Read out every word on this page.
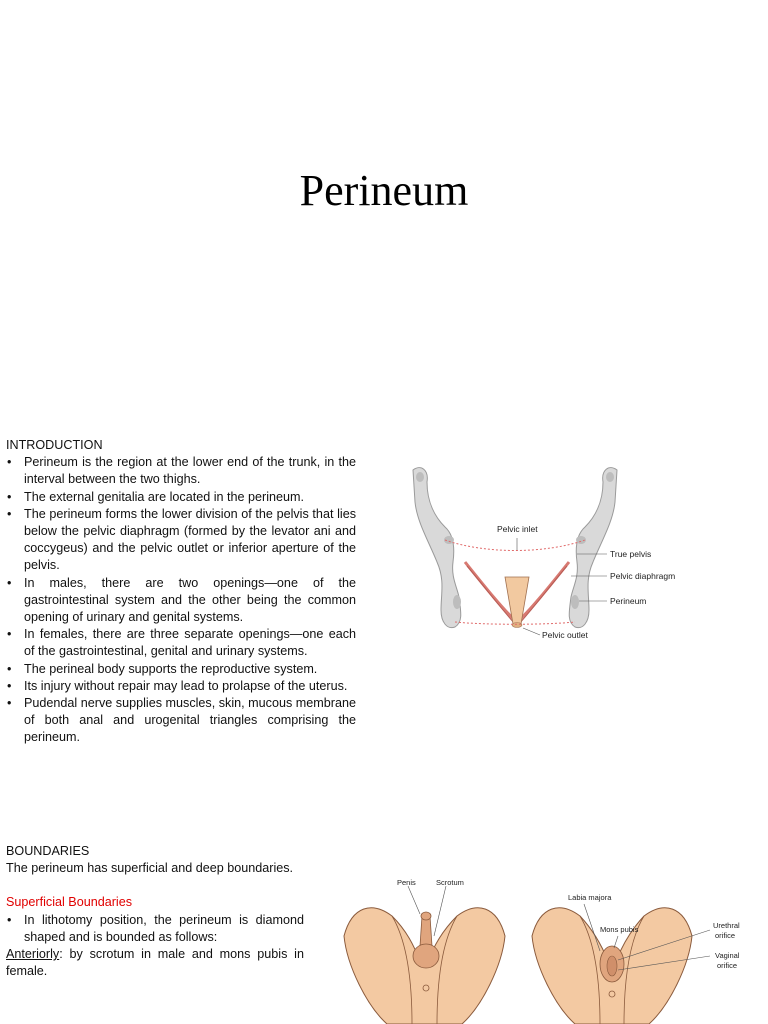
Perineum
INTRODUCTION
• Perineum is the region at the lower end of the trunk, in the interval between the two thighs.
• The external genitalia are located in the perineum.
• The perineum forms the lower division of the pelvis that lies below the pelvic diaphragm (formed by the levator ani and coccygeus) and the pelvic outlet or inferior aperture of the pelvis.
• In males, there are two openings—one of the gastrointestinal system and the other being the common opening of urinary and genital systems.
• In females, there are three separate openings—one each of the gastrointestinal, genital and urinary systems.
• The perineal body supports the reproductive system.
• Its injury without repair may lead to prolapse of the uterus.
• Pudendal nerve supplies muscles, skin, mucous membrane of both anal and urogenital triangles comprising the perineum.
Pelvic inlet
True pelvis
Pelvic diaphragm
Perineum
Pelvic outlet

BOUNDARIES

The perineum has superficial and deep boundaries.

Superficial Boundaries

• In lithotomy position, the perineum is diamond shaped and is bounded as follows:

Anteriorly: by scrotum in male and mons pubis in female.

Penis	Scrotum
Labia majora
Mons pubis	Urethral
orifice
Vaginal
orifice
